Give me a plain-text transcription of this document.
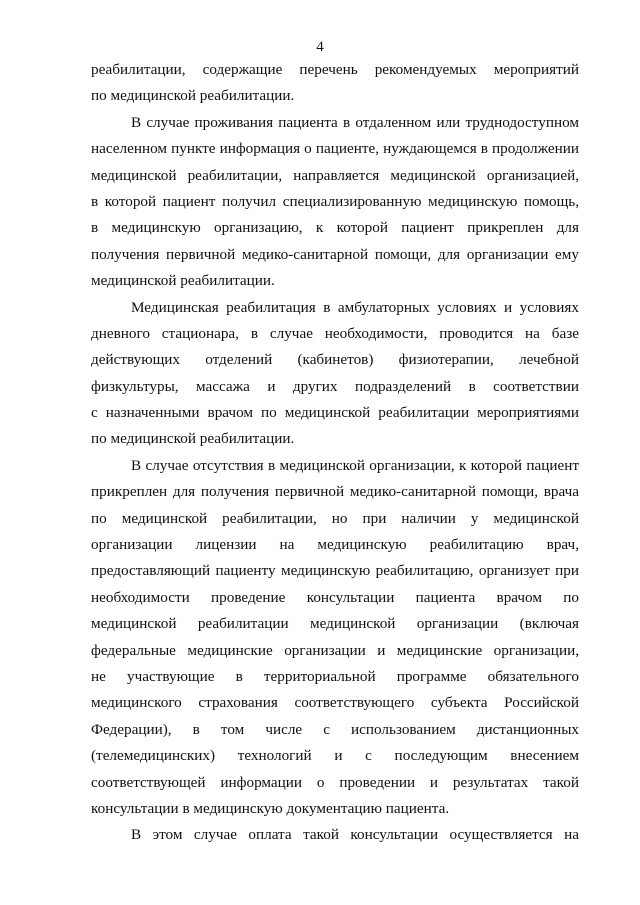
4
реабилитации, содержащие перечень рекомендуемых мероприятий
по медицинской реабилитации.
В случае проживания пациента в отдаленном или труднодоступном
населенном пункте информация о пациенте, нуждающемся в продолжении
медицинской реабилитации, направляется медицинской организацией,
в которой пациент получил специализированную медицинскую помощь,
в медицинскую организацию, к которой пациент прикреплен для
получения первичной медико-санитарной помощи, для организации ему
медицинской реабилитации.
Медицинская реабилитация в амбулаторных условиях и условиях
дневного стационара, в случае необходимости, проводится на базе
действующих отделений (кабинетов) физиотерапии, лечебной
физкультуры, массажа и других подразделений в соответствии
с назначенными врачом по медицинской реабилитации мероприятиями
по медицинской реабилитации.
В случае отсутствия в медицинской организации, к которой пациент
прикреплен для получения первичной медико-санитарной помощи, врача
по медицинской реабилитации, но при наличии у медицинской
организации лицензии на медицинскую реабилитацию врач,
предоставляющий пациенту медицинскую реабилитацию, организует при
необходимости проведение консультации пациента врачом по
медицинской реабилитации медицинской организации (включая
федеральные медицинские организации и медицинские организации,
не участвующие в территориальной программе обязательного
медицинского страхования соответствующего субъекта Российской
Федерации), в том числе с использованием дистанционных
(телемедицинских) технологий и с последующим внесением
соответствующей информации о проведении и результатах такой
консультации в медицинскую документацию пациента.
В этом случае оплата такой консультации осуществляется на
